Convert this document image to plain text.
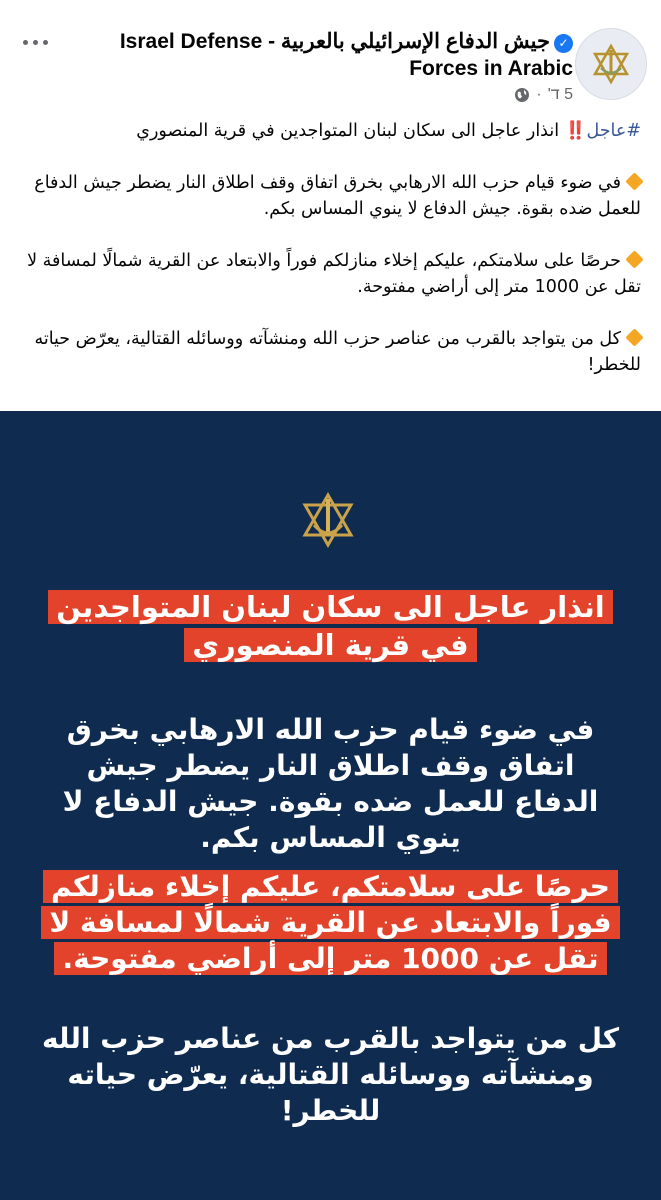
✓جيش الدفاع الإسرائيلي بالعربية - Israel Defense Forces in Arabic
5 ד'
·

#عاجل‼️ انذار عاجل الى سكان لبنان المتواجدين في قرية المنصوري

في ضوء قيام حزب الله الارهابي بخرق اتفاق وقف اطلاق النار يضطر جيش الدفاع للعمل ضده بقوة. جيش الدفاع لا ينوي المساس بكم.

حرصًا على سلامتكم، عليكم إخلاء منازلكم فوراً والابتعاد عن القرية شمالًا لمسافة لا تقل عن 1000 متر إلى أراضي مفتوحة.

كل من يتواجد بالقرب من عناصر حزب الله ومنشآته ووسائله القتالية، يعرّض حياته للخطر!

انذار عاجل الى سكان لبنان المتواجدين في قرية المنصوري
في ضوء قيام حزب الله الارهابي بخرق اتفاق وقف اطلاق النار يضطر جيش الدفاع للعمل ضده بقوة. جيش الدفاع لا ينوي المساس بكم.
حرصًا على سلامتكم، عليكم إخلاء منازلكم فوراً والابتعاد عن القرية شمالًا لمسافة لا تقل عن 1000 متر إلى أراضي مفتوحة.
كل من يتواجد بالقرب من عناصر حزب الله ومنشآته ووسائله القتالية، يعرّض حياته للخطر!
